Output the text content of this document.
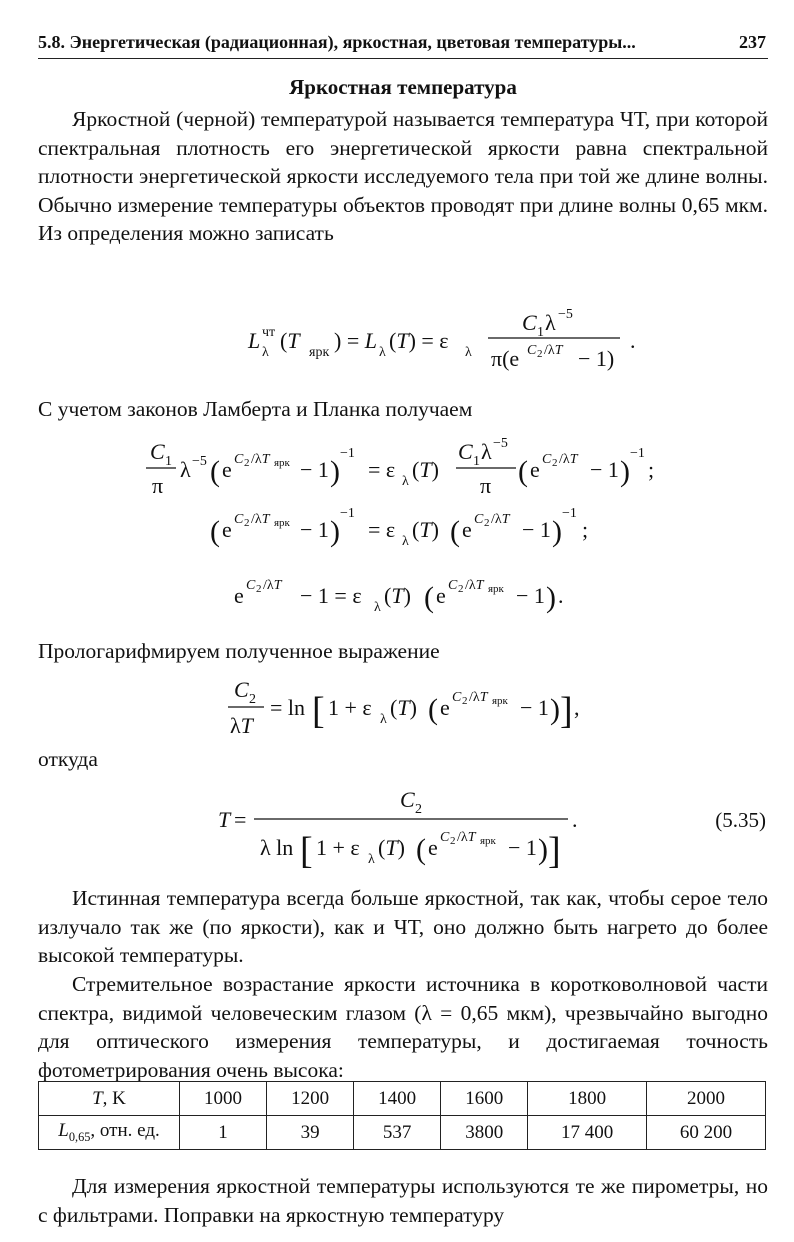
5.8. Энергетическая (радиационная), яркостная, цветовая температуры...	237
Яркостная температура

Яркостной (черной) температурой называется температура ЧТ, при которой спектральная плотность его энергетической яркости равна спектральной плотности энергетической яркости исследуемого тела при той же длине волны. Обычно измерение температуры объектов проводят при длине волны 0,65 мкм. Из определения можно записать

L чт
λ (T ярк ) = L λ (T) = ε λ
C 1 λ −5
π(e C 2 /λT − 1)
.

С учетом законов Ламберта и Планка получаем

C 1
π
λ −5 ( e C 2 /λT ярк − 1 )
−1
= ε λ (T)
C 1 λ −5
π ( e C 2 /λT − 1 )
−1
;
( e C 2 /λT ярк − 1 )
−1
= ε λ (T) ( e C 2 /λT − 1 )
−1
;
e C 2 /λT − 1 = ε λ (T) ( e C 2 /λT ярк − 1 ) .

Прологарифмируем полученное выражение

C 2
λT
= ln [ 1 + ε λ (T) ( e C 2 /λT ярк − 1 ) ] ,

откуда

T =
C 2
λ ln [ 1 + ε λ (T) ( e C 2 /λT ярк − 1 ) ]
.	(5.35)

Истинная температура всегда больше яркостной, так как, чтобы серое тело излучало так же (по яркости), как и ЧТ, оно должно быть нагрето до более высокой температуры.

Стремительное возрастание яркости источника в коротковолновой части спектра, видимой человеческим глазом (λ = 0,65 мкм), чрезвычайно выгодно для оптического измерения температуры, и достигаемая точность фотометрирования очень высока:

T, K	1000	1200	1400	1600	1800	2000
$L_{0,65}$, отн. ед.	1	39	537	3800	17 400	60 200

Для измерения яркостной температуры используются те же пирометры, но с фильтрами. Поправки на яркостную температуру
